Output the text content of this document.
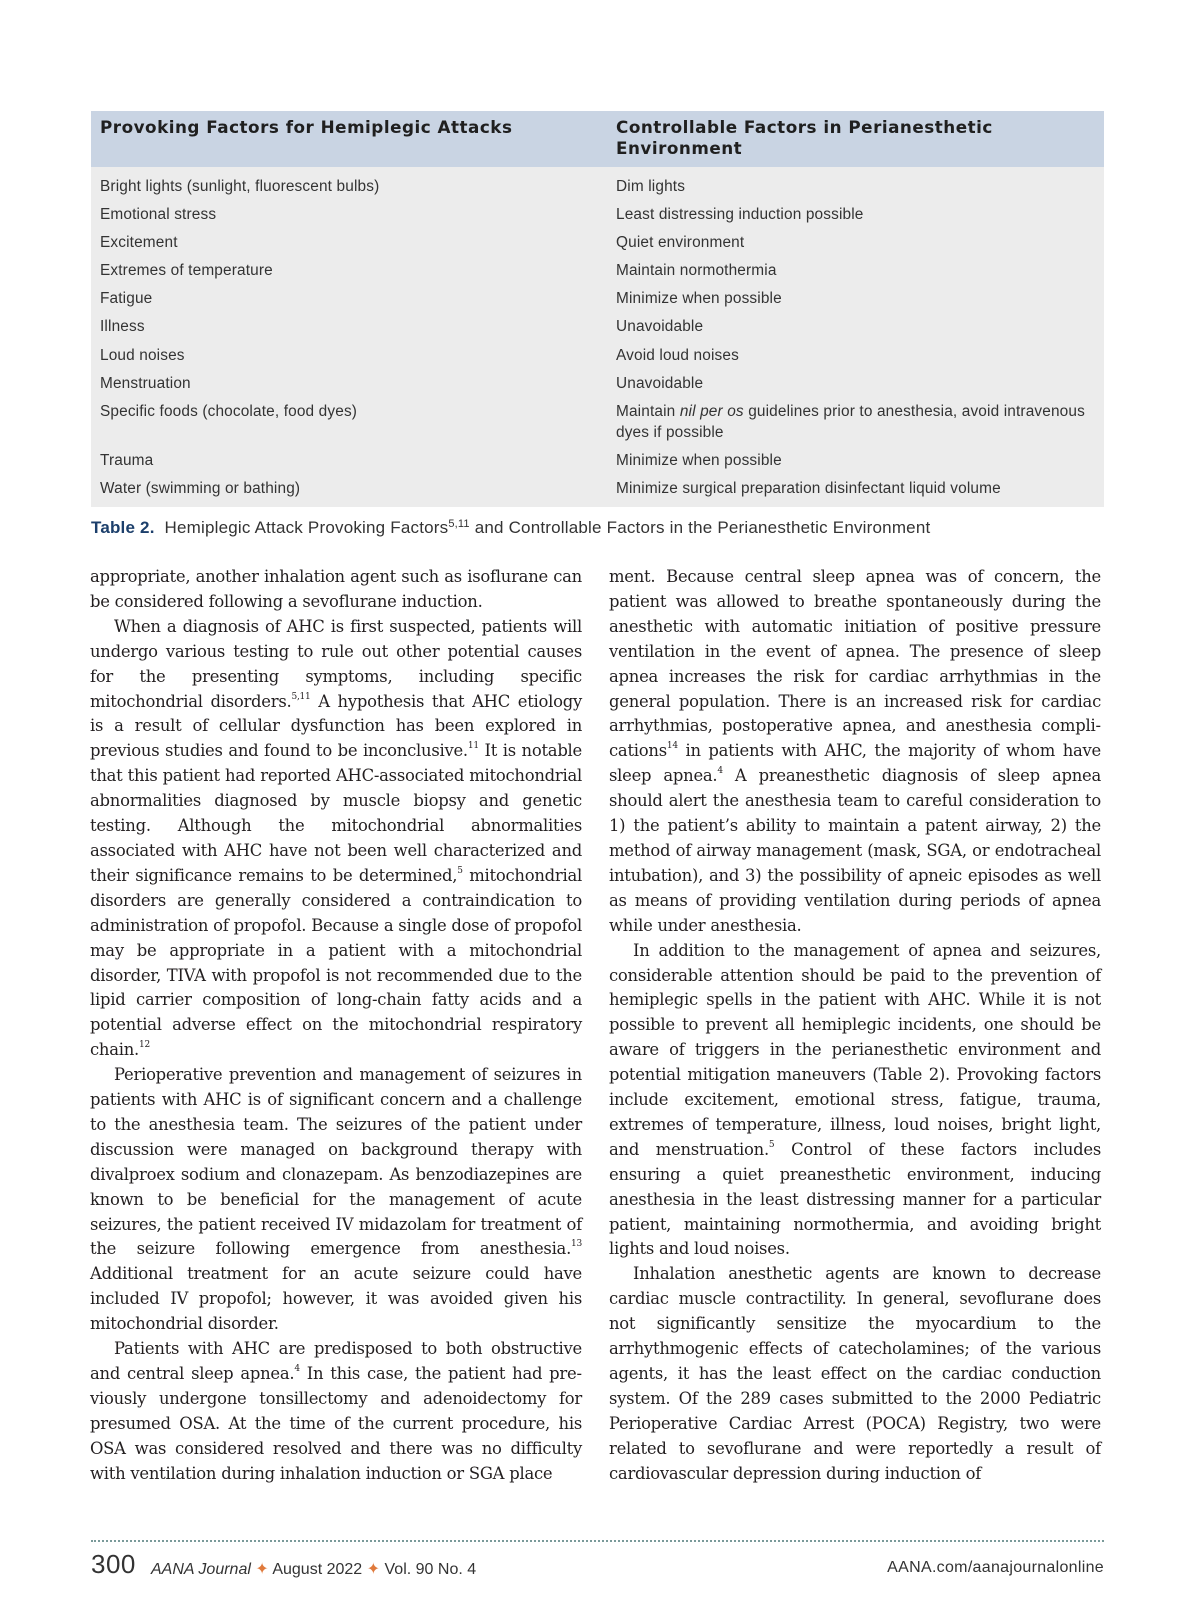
Provoking Factors for Hemiplegic Attacks	Controllable Factors in Perianesthetic Environment
Bright lights (sunlight, fluorescent bulbs)	Dim lights
Emotional stress	Least distressing induction possible
Excitement	Quiet environment
Extremes of temperature	Maintain normothermia
Fatigue	Minimize when possible
Illness	Unavoidable
Loud noises	Avoid loud noises
Menstruation	Unavoidable
Specific foods (chocolate, food dyes)	Maintain nil per os guidelines prior to anesthesia, avoid intravenous dyes if possible
Trauma	Minimize when possible
Water (swimming or bathing)	Minimize surgical preparation disinfectant liquid volume
Table 2. Hemiplegic Attack Provoking Factors$^{5,11}$ and Controllable Factors in the Perianesthetic Environment

appropriate, another inhalation agent such as isoflurane can be considered following a sevoflurane induction.

When a diagnosis of AHC is first suspected, patients will undergo various testing to rule out other potential causes for the presenting symptoms, including specific mitochondrial disorders.$^{5,11}$ A hypothesis that AHC etiology is a result of cellular dysfunction has been explored in previous studies and found to be inconclusive.$^{11}$ It is notable that this patient had reported AHC-associated mitochondrial abnormalities diagnosed by muscle biopsy and genetic testing. Although the mitochondrial abnormalities associated with AHC have not been well characterized and their significance remains to be determined,$^5$ mitochondrial disorders are generally considered a contraindication to administration of propofol. Because a single dose of propofol may be appropriate in a patient with a mitochondrial disorder, TIVA with propofol is not recommended due to the lipid carrier composition of long-chain fatty acids and a potential adverse effect on the mitochondrial respiratory chain.$^{12}$

Perioperative prevention and management of seizures in patients with AHC is of significant concern and a challenge to the anesthesia team. The seizures of the patient under discussion were managed on background therapy with divalproex sodium and clonazepam. As benzodiazepines are known to be beneficial for the management of acute seizures, the patient received IV midazolam for treatment of the seizure following emergence from anesthesia.$^{13}$ Additional treatment for an acute seizure could have included IV propofol; however, it was avoided given his mitochondrial disorder.

Patients with AHC are predisposed to both obstructive and central sleep apnea.$^4$ In this case, the patient had previously undergone tonsillectomy and adenoidectomy for presumed OSA. At the time of the current procedure, his OSA was considered resolved and there was no difficulty with ventilation during inhalation induction or SGA place

ment. Because central sleep apnea was of concern, the patient was allowed to breathe spontaneously during the anesthetic with automatic initiation of positive pressure ventilation in the event of apnea. The presence of sleep apnea increases the risk for cardiac arrhythmias in the general population. There is an increased risk for cardiac arrhythmias, postoperative apnea, and anesthesia complications$^{14}$ in patients with AHC, the majority of whom have sleep apnea.$^4$ A preanesthetic diagnosis of sleep apnea should alert the anesthesia team to careful consideration to 1) the patient’s ability to maintain a patent airway, 2) the method of airway management (mask, SGA, or endotracheal intubation), and 3) the possibility of apneic episodes as well as means of providing ventilation during periods of apnea while under anesthesia.

In addition to the management of apnea and seizures, considerable attention should be paid to the prevention of hemiplegic spells in the patient with AHC. While it is not possible to prevent all hemiplegic incidents, one should be aware of triggers in the perianesthetic environment and potential mitigation maneuvers (Table 2). Provoking factors include excitement, emotional stress, fatigue, trauma, extremes of temperature, illness, loud noises, bright light, and menstruation.$^5$ Control of these factors includes ensuring a quiet preanesthetic environment, inducing anesthesia in the least distressing manner for a particular patient, maintaining normothermia, and avoiding bright lights and loud noises.

Inhalation anesthetic agents are known to decrease cardiac muscle contractility. In general, sevoflurane does not significantly sensitize the myocardium to the arrhythmogenic effects of catecholamines; of the various agents, it has the least effect on the cardiac conduction system. Of the 289 cases submitted to the 2000 Pediatric Perioperative Cardiac Arrest (POCA) Registry, two were related to sevoflurane and were reportedly a result of cardiovascular depression during induction of

300 AANA Journal ✦ August 2022 ✦ Vol. 90 No. 4	AANA.com/aanajournalonline
